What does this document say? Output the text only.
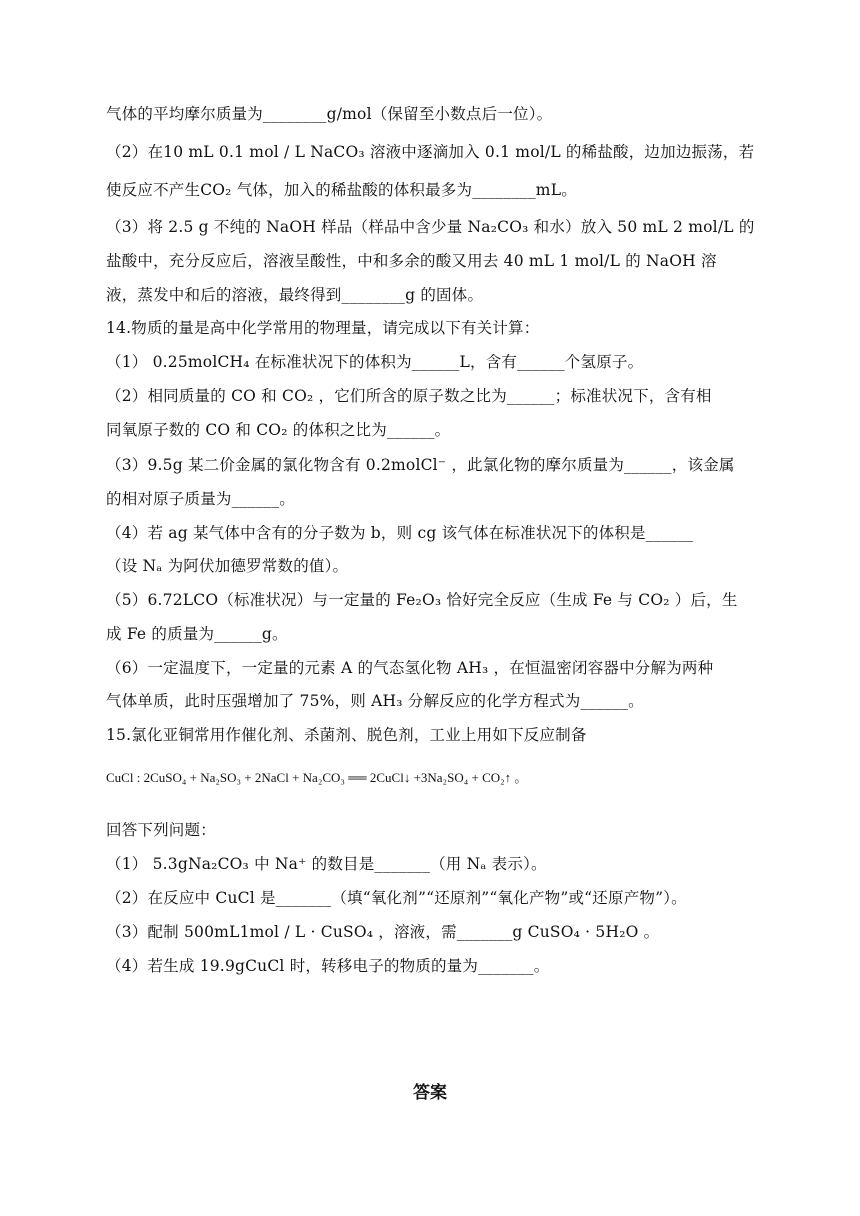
气体的平均摩尔质量为________g/mol（保留至小数点后一位）。
（2）在10 mL 0.1 mol / L NaCO₃ 溶液中逐滴加入 0.1 mol/L 的稀盐酸，边加边振荡，若
使反应不产生CO₂ 气体，加入的稀盐酸的体积最多为________mL。
（3）将 2.5 g 不纯的 NaOH 样品（样品中含少量 Na₂CO₃ 和水）放入 50 mL 2 mol/L 的
盐酸中，充分反应后，溶液呈酸性，中和多余的酸又用去 40 mL 1 mol/L 的 NaOH 溶
液，蒸发中和后的溶液，最终得到________g 的固体。
14.物质的量是高中化学常用的物理量，请完成以下有关计算：
（1） 0.25molCH₄ 在标准状况下的体积为______L，含有______个氢原子。
（2）相同质量的 CO 和 CO₂ ，它们所含的原子数之比为______；标准状况下，含有相
同氧原子数的 CO 和 CO₂ 的体积之比为______。
（3）9.5g 某二价金属的氯化物含有 0.2molCl⁻ ，此氯化物的摩尔质量为______，该金属
的相对原子质量为______。
（4）若 ag 某气体中含有的分子数为 b，则 cg 该气体在标准状况下的体积是______
（设 Nₐ 为阿伏加德罗常数的值）。
（5）6.72LCO（标准状况）与一定量的 Fe₂O₃ 恰好完全反应（生成 Fe 与 CO₂ ）后，生
成 Fe 的质量为______g。
（6）一定温度下，一定量的元素 A 的气态氢化物 AH₃ ，在恒温密闭容器中分解为两种
气体单质，此时压强增加了 75%，则 AH₃ 分解反应的化学方程式为______。
15.氯化亚铜常用作催化剂、杀菌剂、脱色剂，工业上用如下反应制备
CuCl : 2CuSO₄ + Na₂SO₃ + 2NaCl + Na₂CO₃ ══ 2CuCl↓ +3Na₂SO₄ + CO₂↑ 。
回答下列问题：
（1） 5.3gNa₂CO₃ 中 Na⁺ 的数目是_______（用 Nₐ 表示）。
（2）在反应中 CuCl 是_______（填“氧化剂”“还原剂”“氧化产物”或“还原产物”）。
（3）配制 500mL1mol / L · CuSO₄ ，溶液，需_______g CuSO₄ · 5H₂O 。
（4）若生成 19.9gCuCl 时，转移电子的物质的量为_______。
答案
